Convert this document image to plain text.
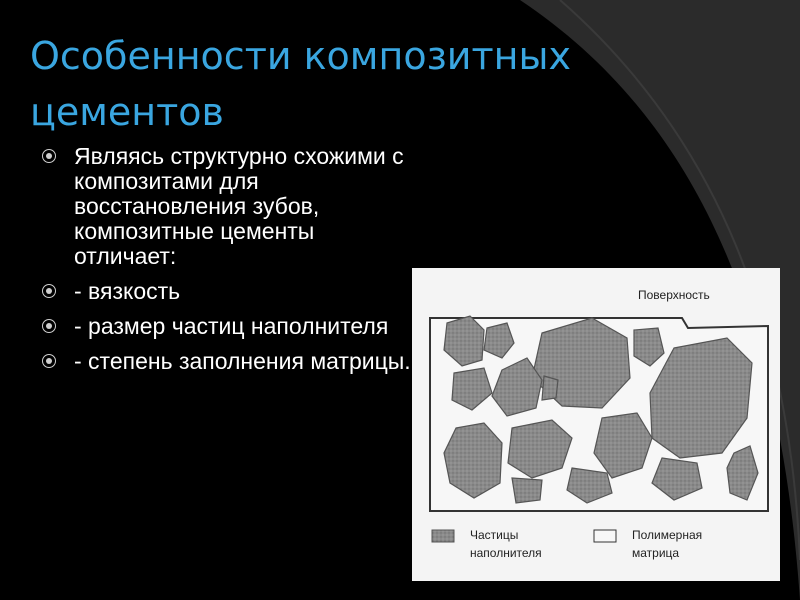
Особенности композитных цементов
Являясь структурно схожими с композитами для восстановления зубов, композитные цементы отличает:
- вязкость
- размер частиц наполнителя
- степень заполнения матрицы.
Поверхность
Частицы
наполнителя
Полимерная
матрица
